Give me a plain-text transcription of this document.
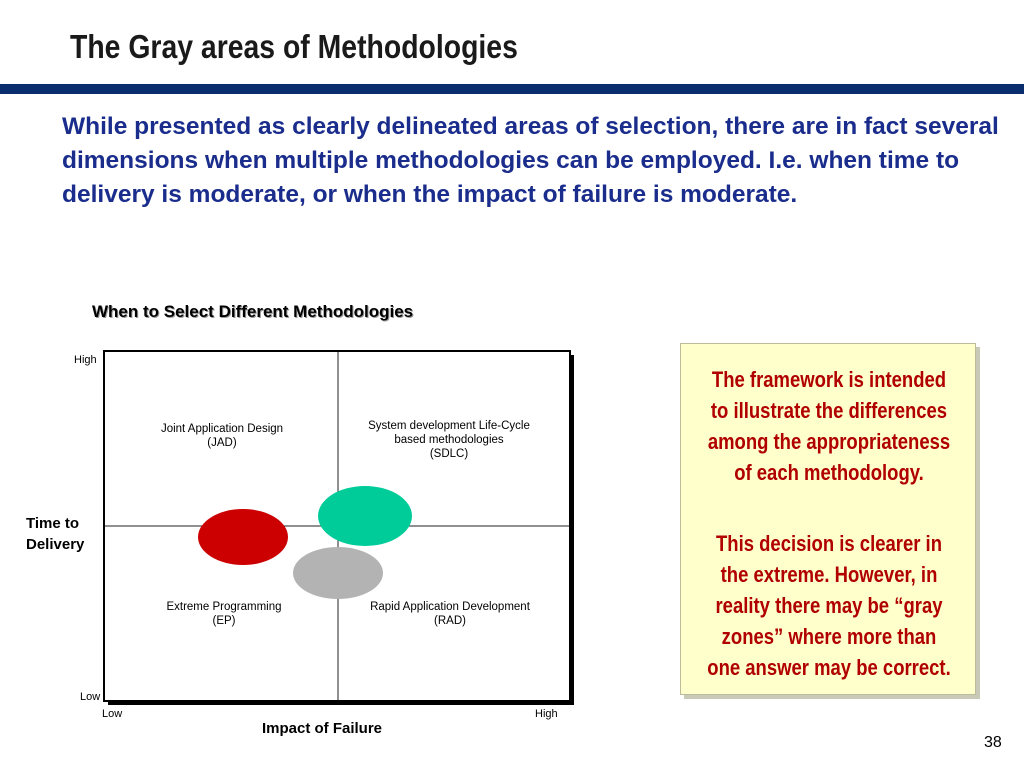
The Gray areas of Methodologies
While presented as clearly delineated areas of selection, there are in fact several dimensions when multiple methodologies can be employed. I.e. when time to delivery is moderate, or when the impact of failure is moderate.
When to Select Different Methodologies
Joint Application Design
(JAD)
System development Life-Cycle
based methodologies
(SDLC)
Extreme Programming
(EP)
Rapid Application Development
(RAD)
High
Low
Low	High
Time to
Delivery
Impact of Failure
The framework is intended to illustrate the differences among the appropriateness of each methodology.
This decision is clearer in the extreme. However, in reality there may be “gray zones” where more than one answer may be correct.
38
